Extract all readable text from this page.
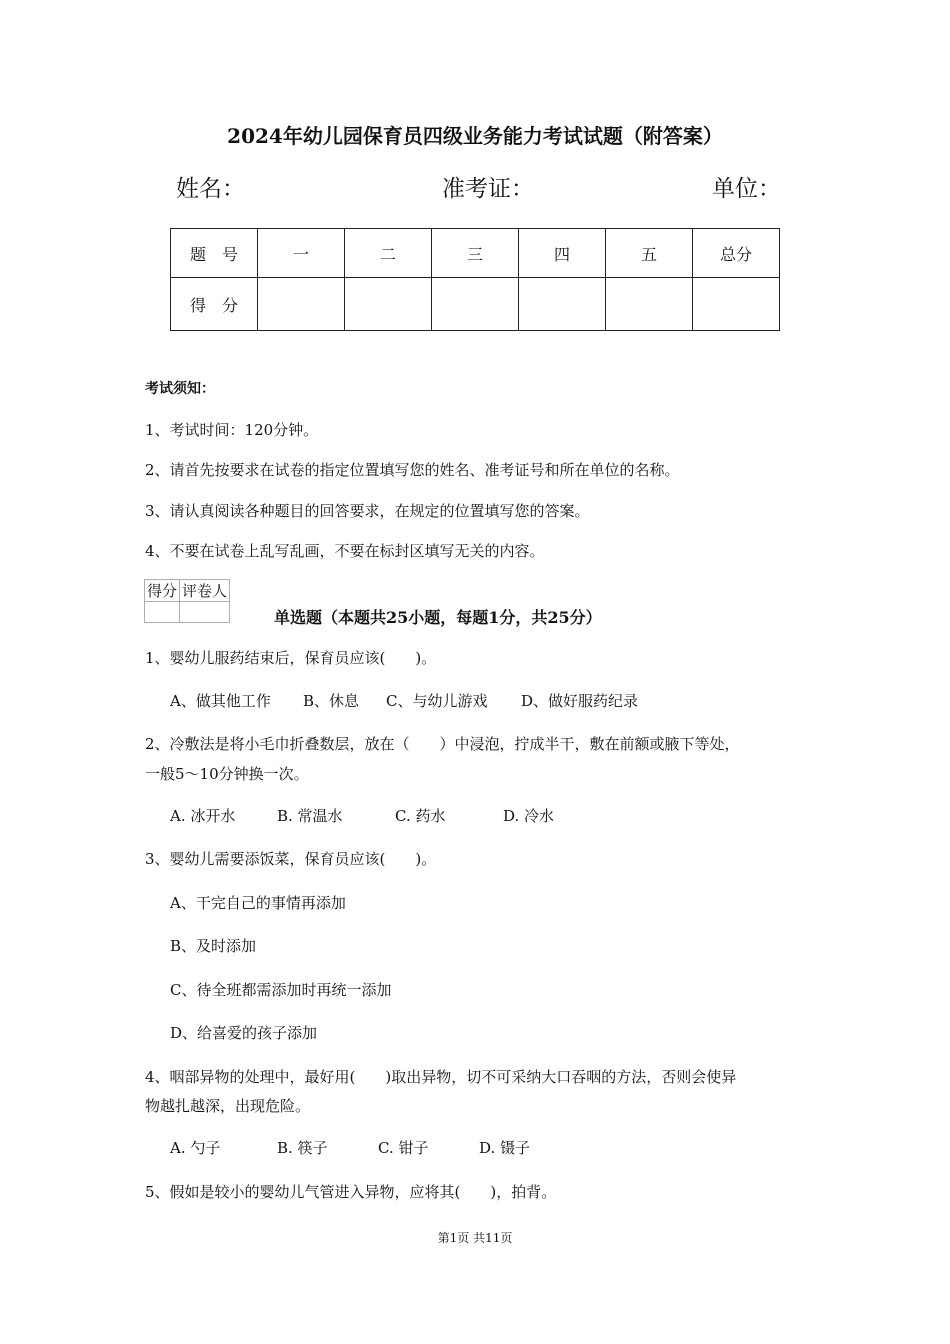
2024年幼儿园保育员四级业务能力考试试题（附答案）
姓名：	准考证：	单位：
题　号	一	二	三	四	五	总分
得　分						
考试须知：
1、考试时间：120分钟。
2、请首先按要求在试卷的指定位置填写您的姓名、准考证号和所在单位的名称。
3、请认真阅读各种题目的回答要求，在规定的位置填写您的答案。
4、不要在试卷上乱写乱画，不要在标封区填写无关的内容。
得分	评卷人

单选题（本题共25小题，每题1分，共25分）
1、婴幼儿服药结束后，保育员应该(　　)。
A、做其他工作 B、休息 C、与幼儿游戏 D、做好服药纪录
2、冷敷法是将小毛巾折叠数层，放在（　　）中浸泡，拧成半干，敷在前额或腋下等处，
一般5～10分钟换一次。
A. 冰开水	B. 常温水	C. 药水	D. 冷水
3、婴幼儿需要添饭菜，保育员应该(　　)。
A、干完自己的事情再添加
B、及时添加
C、待全班都需添加时再统一添加
D、给喜爱的孩子添加
4、咽部异物的处理中，最好用(　　)取出异物，切不可采纳大口吞咽的方法，否则会使异
物越扎越深，出现危险。
A. 勺子	B. 筷子	C. 钳子	D. 镊子
5、假如是较小的婴幼儿气管进入异物，应将其(　　)，拍背。
第1页 共11页
